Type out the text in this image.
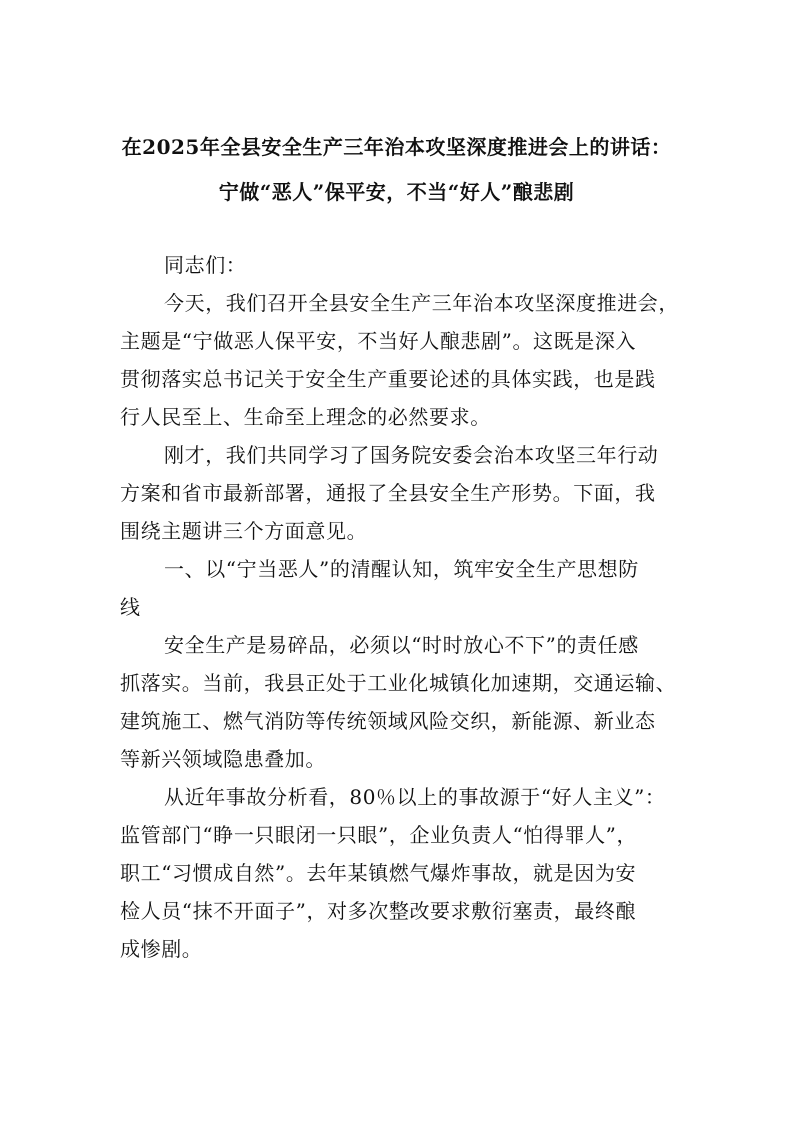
在2025年全县安全生产三年治本攻坚深度推进会上的讲话：
宁做“恶人”保平安，不当“好人”酿悲剧
同志们：
今天，我们召开全县安全生产三年治本攻坚深度推进会，
主题是“宁做恶人保平安，不当好人酿悲剧”。这既是深入
贯彻落实总书记关于安全生产重要论述的具体实践，也是践
行人民至上、生命至上理念的必然要求。
刚才，我们共同学习了国务院安委会治本攻坚三年行动
方案和省市最新部署，通报了全县安全生产形势。下面，我
围绕主题讲三个方面意见。
一、以“宁当恶人”的清醒认知，筑牢安全生产思想防
线
安全生产是易碎品，必须以“时时放心不下”的责任感
抓落实。当前，我县正处于工业化城镇化加速期，交通运输、
建筑施工、燃气消防等传统领域风险交织，新能源、新业态
等新兴领域隐患叠加。
从近年事故分析看，80％以上的事故源于“好人主义”：
监管部门“睁一只眼闭一只眼”，企业负责人“怕得罪人”，
职工“习惯成自然”。去年某镇燃气爆炸事故，就是因为安
检人员“抹不开面子”，对多次整改要求敷衍塞责，最终酿
成惨剧。
